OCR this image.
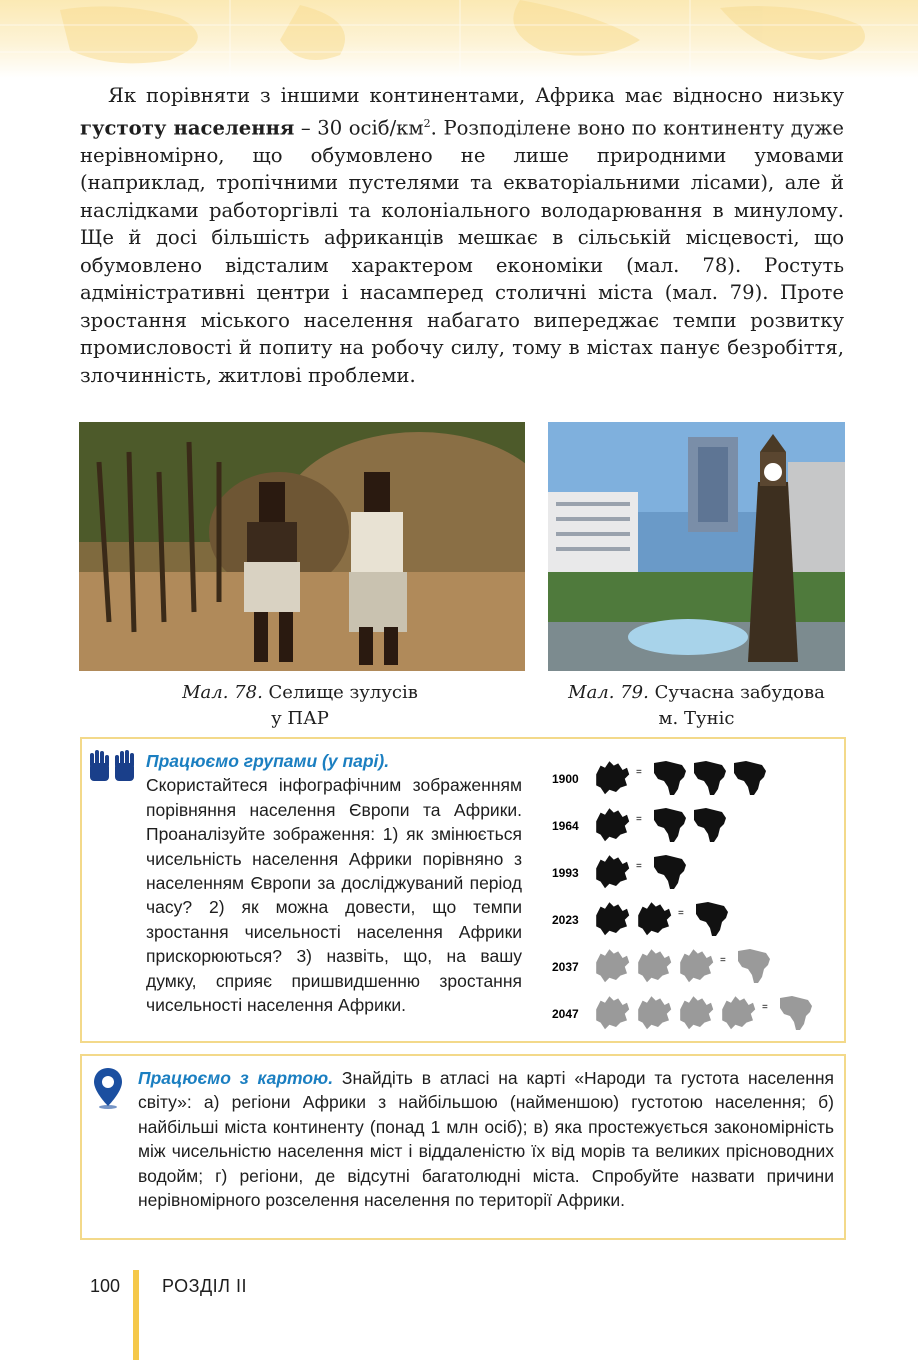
Як порівняти з іншими континентами, Африка має відносно низьку густоту населення – 30 осіб/$км^2$. Розподілене воно по континенту дуже нерівномірно, що обумовлено не лише природними умовами (наприклад, тропічними пустелями та екваторіальними лісами), але й наслідками работоргівлі та колоніального володарювання в минулому. Ще й досі більшість африканців мешкає в сільській місцевості, що обумовлено відсталим характером економіки (мал. 78). Ростуть адміністративні центри і насамперед столичні міста (мал. 79). Проте зростання міського населення набагато випереджає темпи розвитку промисловості й попиту на робочу силу, тому в містах панує безробіття, злочинність, житлові проблеми.

Мал. 78. Селище зулусів
у ПАР
Мал. 79. Сучасна забудова
м. Туніс
Працюємо групами (у парі).
Скористайтеся інфографічним зображенням порівняння населення Європи та Африки. Проаналізуйте зображення: 1) як змінюється чисельність населення Африки порівняно з населенням Європи за досліджуваний період часу? 2) як можна довести, що темпи зростання чисельності населення Африки прискорюються? 3) назвіть, що, на вашу думку, сприяє пришвидшенню зростання чисельності населення Африки.
1900	=
1964	=
1993	=
2023	=
2037	=
2047	=
Працюємо з картою. Знайдіть в атласі на карті «Народи та густота населення світу»: а) регіони Африки з найбільшою (найменшою) густотою населення; б) найбільші міста континенту (понад 1 млн осіб); в) яка простежується закономірність між чисельністю населення міст і віддаленістю їх від морів та великих прісноводних водойм; г) регіони, де відсутні багатолюдні міста. Спробуйте назвати причини нерівномірного розселення населення по території Африки.
100 РОЗДІЛ II
